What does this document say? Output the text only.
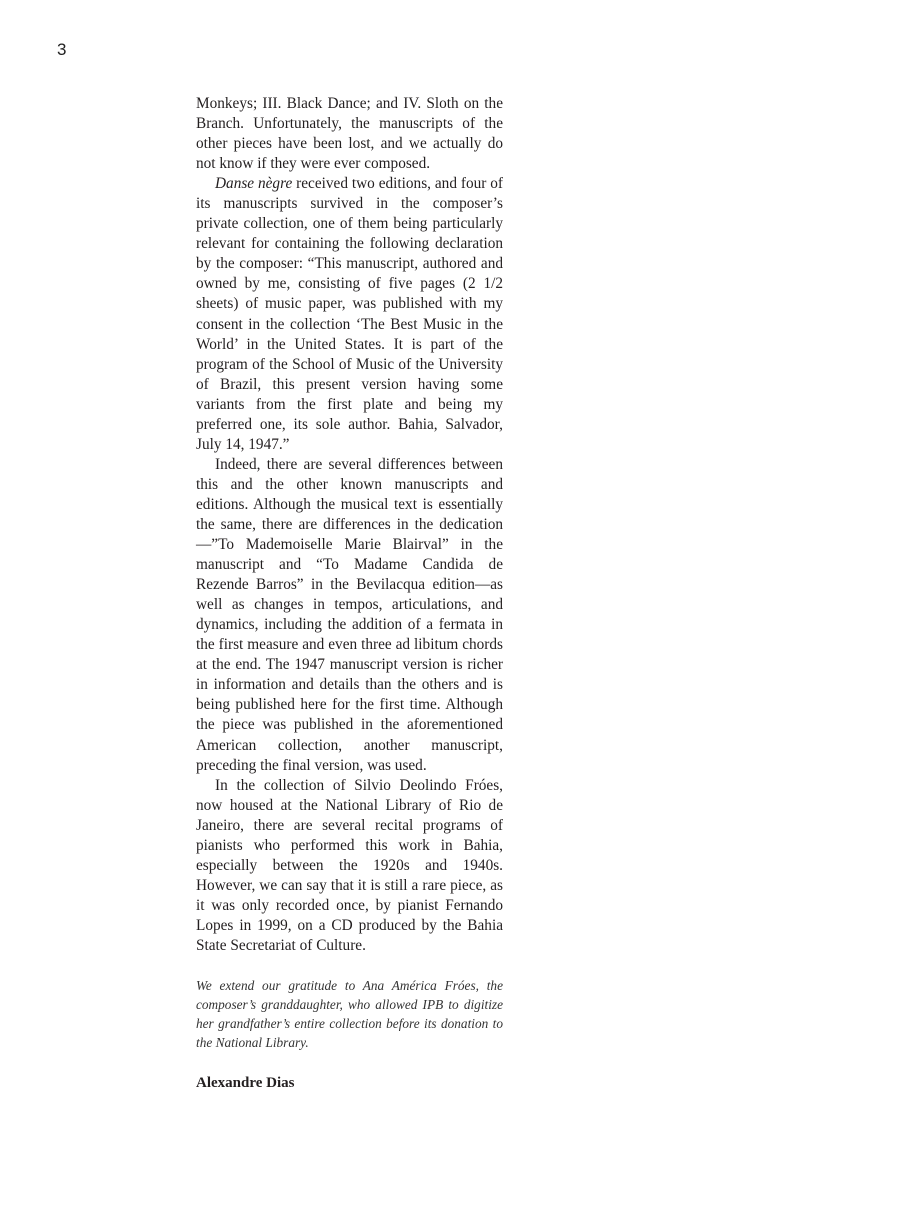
3

Monkeys; III. Black Dance; and IV. Sloth on the Branch. Unfortunately, the manuscripts of the other pieces have been lost, and we actually do not know if they were ever composed.

Danse nègre received two editions, and four of its manuscripts survived in the composer’s private collection, one of them being particularly relevant for containing the following declaration by the composer: “This manuscript, authored and owned by me, consisting of five pages (2 1/2 sheets) of music paper, was published with my consent in the collection ‘The Best Music in the World’ in the United States. It is part of the program of the School of Music of the University of Brazil, this present version having some variants from the first plate and being my preferred one, its sole author. Bahia, Salvador, July 14, 1947.”

Indeed, there are several differences between this and the other known manuscripts and editions. Although the musical text is essentially the same, there are differences in the dedication—”To Mademoiselle Marie Blairval” in the manuscript and “To Madame Candida de Rezende Barros” in the Bevilacqua edition—as well as changes in tempos, articulations, and dynamics, including the addition of a fermata in the first measure and even three ad libitum chords at the end. The 1947 manuscript version is richer in information and details than the others and is being published here for the first time. Although the piece was published in the aforementioned American collection, another manuscript, preceding the final version, was used.

In the collection of Silvio Deolindo Fróes, now housed at the National Library of Rio de Janeiro, there are several recital programs of pianists who performed this work in Bahia, especially between the 1920s and 1940s. However, we can say that it is still a rare piece, as it was only recorded once, by pianist Fernando Lopes in 1999, on a CD produced by the Bahia State Secretariat of Culture.

We extend our gratitude to Ana América Fróes, the composer’s granddaughter, who allowed IPB to digitize her grandfather’s entire collection before its donation to the National Library.

Alexandre Dias
